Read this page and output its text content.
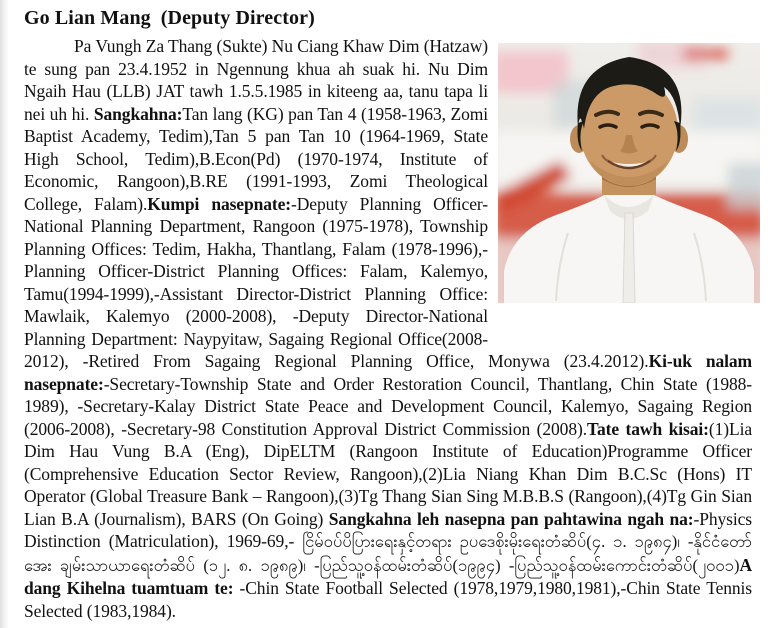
Go Lian Mang (Deputy Director)

Pa Vungh Za Thang (Sukte) Nu Ciang Khaw Dim (Hatzaw) te sung pan 23.4.1952 in Ngennung khua ah suak hi. Nu Dim Ngaih Hau (LLB) JAT tawh 1.5.5.1985 in kiteeng aa, tanu tapa li nei uh hi. Sangkahna:Tan lang (KG) pan Tan 4 (1958-1963, Zomi Baptist Academy, Tedim),Tan 5 pan Tan 10 (1964-1969, State High School, Tedim),B.Econ(Pd) (1970-1974, Institute of Economic, Rangoon),B.RE (1991-1993, Zomi Theological College, Falam).Kumpi nasepnate:-Deputy Planning Officer-National Planning Department, Rangoon (1975-1978), Township Planning Offices: Tedim, Hakha, Thantlang, Falam (1978-1996),-Planning Officer-District Planning Offices: Falam, Kalemyo, Tamu(1994-1999),-Assistant Director-District Planning Office: Mawlaik, Kalemyo (2000-2008), -Deputy Director-National Planning Department: Naypyitaw, Sagaing Regional Office(2008-2012), -Retired From Sagaing Regional Planning Office, Monywa (23.4.2012).Ki-uk nalam nasepnate:-Secretary-Township State and Order Restoration Council, Thantlang, Chin State (1988-1989), -Secretary-Kalay District State Peace and Development Council, Kalemyo, Sagaing Region (2006-2008), -Secretary-98 Constitution Approval District Commission (2008).Tate tawh kisai:(1)Lia Dim Hau Vung B.A (Eng), DipELTM (Rangoon Institute of Education)Programme Officer (Comprehensive Education Sector Review, Rangoon),(2)Lia Niang Khan Dim B.C.Sc (Hons) IT Operator (Global Treasure Bank – Rangoon),(3)Tg Thang Sian Sing M.B.B.S (Rangoon),(4)Tg Gin Sian Lian B.A (Journalism), BARS (On Going) Sangkahna leh nasepna pan pahtawina ngah na:-Physics Distinction (Matriculation), 1969-69,- ငြိမ်ဝပ်ပိပြားရေးနှင့်တရား ဥပဒေစိုးမိုးရေးတံဆိပ်(၄. ၁. ၁၉၈၄)၊ -နိုင်ငံတော်အေး ချမ်းသာယာရေးတံဆိပ် (၁၂. ၈. ၁၉၈၉)၊ -ပြည်သူ့ဝန်ထမ်းတံဆိပ်(၁၉၉၄) -ပြည်သူ့ဝန်ထမ်းကောင်းတံဆိပ်(၂၀၀၁)A dang Kihelna tuamtuam te: -Chin State Football Selected (1978,1979,1980,1981),-Chin State Tennis Selected (1983,1984).
